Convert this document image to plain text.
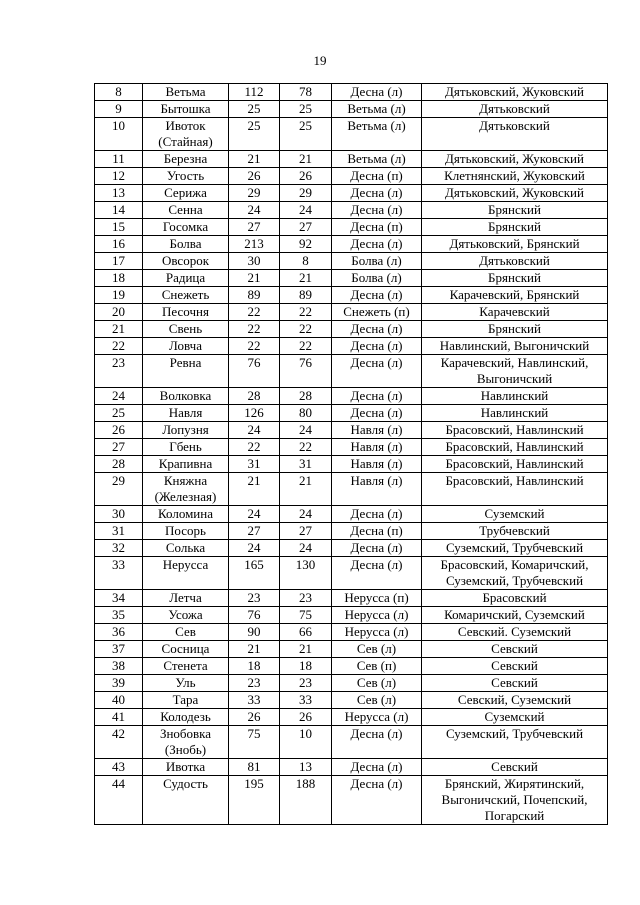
19
8	Ветьма	112	78	Десна (л)	Дятьковский, Жуковский
9	Бытошка	25	25	Ветьма (л)	Дятьковский
10	Ивоток (Стайная)	25	25	Ветьма (л)	Дятьковский
11	Березна	21	21	Ветьма (л)	Дятьковский, Жуковский
12	Угость	26	26	Десна (п)	Клетнянский, Жуковский
13	Серижа	29	29	Десна (л)	Дятьковский, Жуковский
14	Сенна	24	24	Десна (л)	Брянский
15	Госомка	27	27	Десна (п)	Брянский
16	Болва	213	92	Десна (л)	Дятьковский, Брянский
17	Овсорок	30	8	Болва (л)	Дятьковский
18	Радица	21	21	Болва (л)	Брянский
19	Снежеть	89	89	Десна (л)	Карачевский, Брянский
20	Песочня	22	22	Снежеть (п)	Карачевский
21	Свень	22	22	Десна (л)	Брянский
22	Ловча	22	22	Десна (л)	Навлинский, Выгоничский
23	Ревна	76	76	Десна (л)	Карачевский, Навлинский, Выгоничский
24	Волковка	28	28	Десна (л)	Навлинский
25	Навля	126	80	Десна (л)	Навлинский
26	Лопузня	24	24	Навля (л)	Брасовский, Навлинский
27	Гбень	22	22	Навля (л)	Брасовский, Навлинский
28	Крапивна	31	31	Навля (л)	Брасовский, Навлинский
29	Княжна (Железная)	21	21	Навля (л)	Брасовский, Навлинский
30	Коломина	24	24	Десна (л)	Суземский
31	Посорь	27	27	Десна (п)	Трубчевский
32	Солька	24	24	Десна (л)	Суземский, Трубчевский
33	Нерусса	165	130	Десна (л)	Брасовский, Комаричский, Суземский, Трубчевский
34	Летча	23	23	Нерусса (п)	Брасовский
35	Усожа	76	75	Нерусса (л)	Комаричский, Суземский
36	Сев	90	66	Нерусса (л)	Севский. Суземский
37	Сосница	21	21	Сев (л)	Севский
38	Стенета	18	18	Сев (п)	Севский
39	Уль	23	23	Сев (л)	Севский
40	Тара	33	33	Сев (л)	Севский, Суземский
41	Колодезь	26	26	Нерусса (л)	Суземский
42	Знобовка (Знобь)	75	10	Десна (л)	Суземский, Трубчевский
43	Ивотка	81	13	Десна (л)	Севский
44	Судость	195	188	Десна (л)	Брянский, Жирятинский, Выгоничский, Почепский, Погарский
